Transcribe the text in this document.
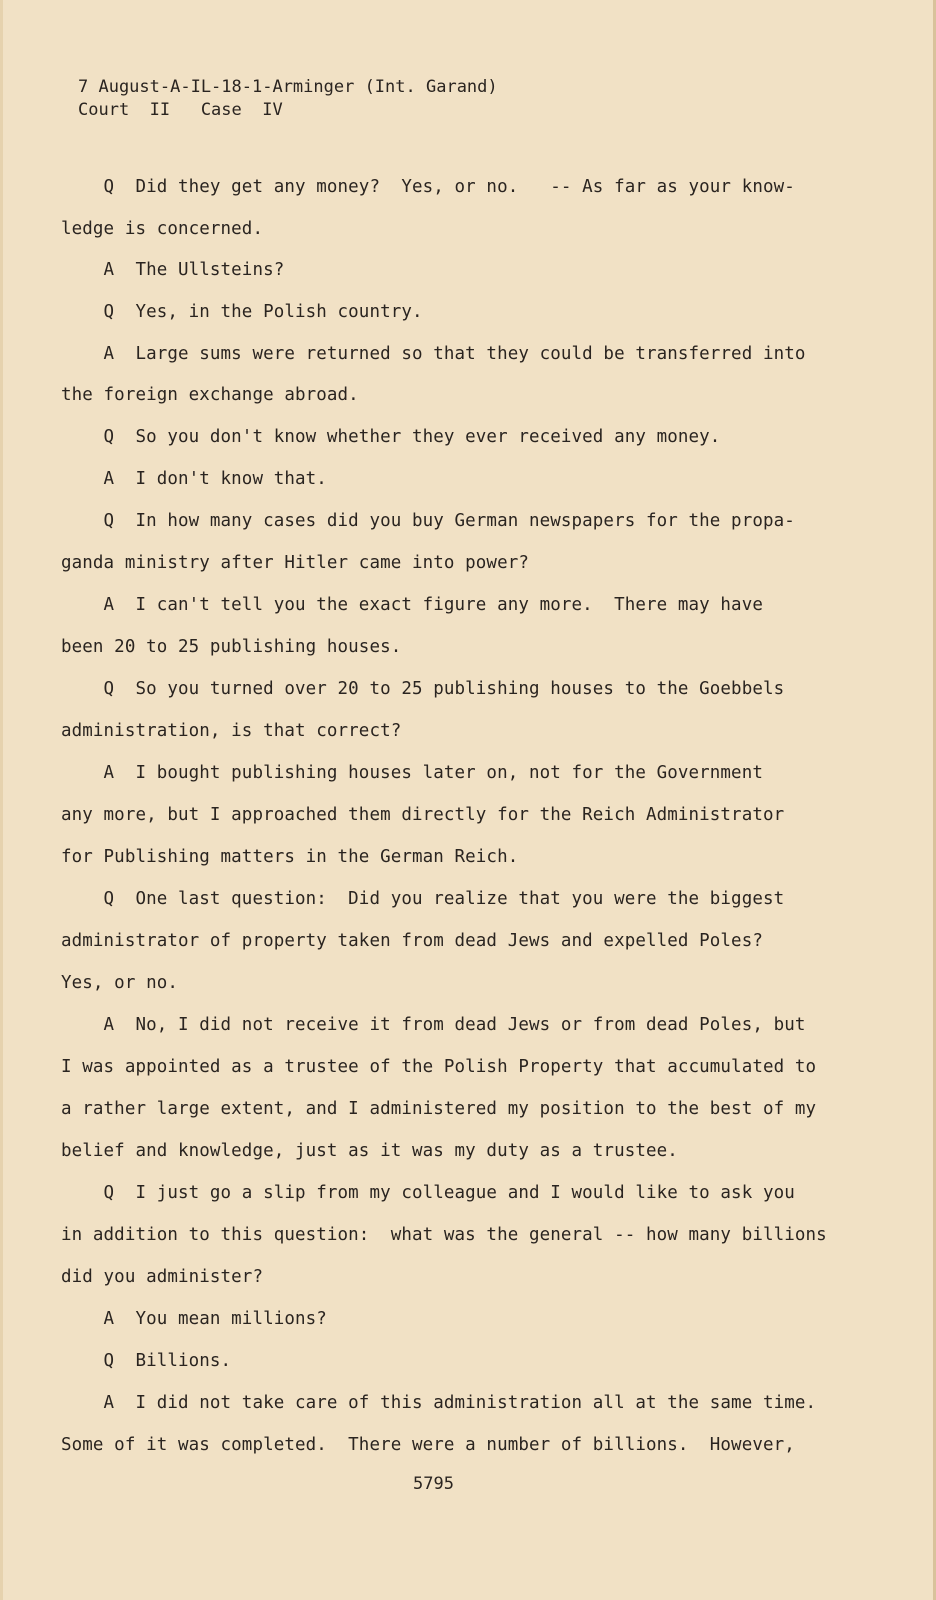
7 August-A-IL-18-1-Arminger (Int. Garand)
Court  II   Case  IV
Q  Did they get any money?  Yes, or no.   -- As far as your know-
ledge is concerned.
A  The Ullsteins?
Q  Yes, in the Polish country.
A  Large sums were returned so that they could be transferred into
the foreign exchange abroad.
Q  So you don't know whether they ever received any money.
A  I don't know that.
Q  In how many cases did you buy German newspapers for the propa-
ganda ministry after Hitler came into power?
A  I can't tell you the exact figure any more.  There may have
been 20 to 25 publishing houses.
Q  So you turned over 20 to 25 publishing houses to the Goebbels
administration, is that correct?
A  I bought publishing houses later on, not for the Government
any more, but I approached them directly for the Reich Administrator
for Publishing matters in the German Reich.
Q  One last question:  Did you realize that you were the biggest
administrator of property taken from dead Jews and expelled Poles?
Yes, or no.
A  No, I did not receive it from dead Jews or from dead Poles, but
I was appointed as a trustee of the Polish Property that accumulated to
a rather large extent, and I administered my position to the best of my
belief and knowledge, just as it was my duty as a trustee.
Q  I just go a slip from my colleague and I would like to ask you
in addition to this question:  what was the general -- how many billions
did you administer?
A  You mean millions?
Q  Billions.
A  I did not take care of this administration all at the same time.
Some of it was completed.  There were a number of billions.  However,
5795
